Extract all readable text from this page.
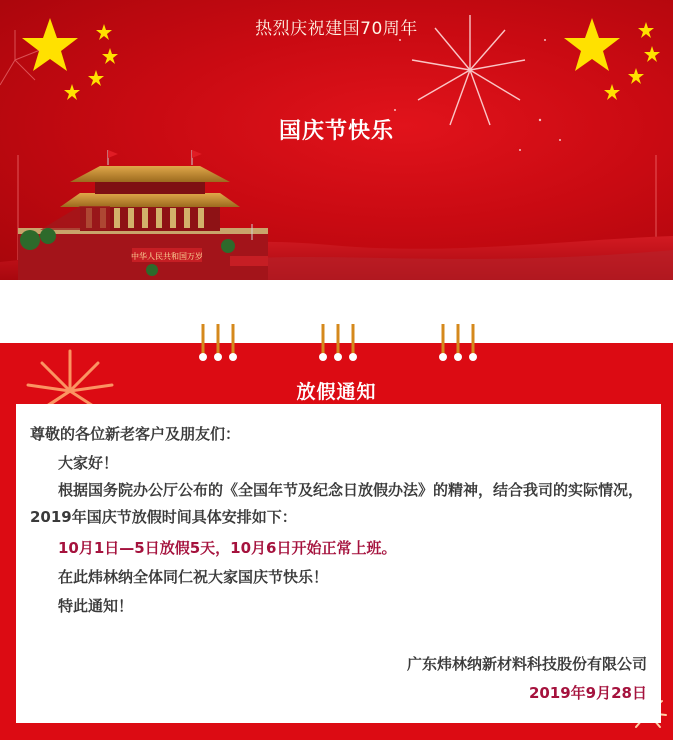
中华人民共和国万岁
热烈庆祝建国70周年
国庆节快乐
放假通知
尊敬的各位新老客户及朋友们：
大家好！
根据国务院办公厅公布的《全国年节及纪念日放假办法》的精神，结合我司的实际情况，2019年国庆节放假时间具体安排如下：
10月1日—5日放假5天，10月6日开始正常上班。
在此炜林纳全体同仁祝大家国庆节快乐！
特此通知！
广东炜林纳新材料科技股份有限公司
2019年9月28日
